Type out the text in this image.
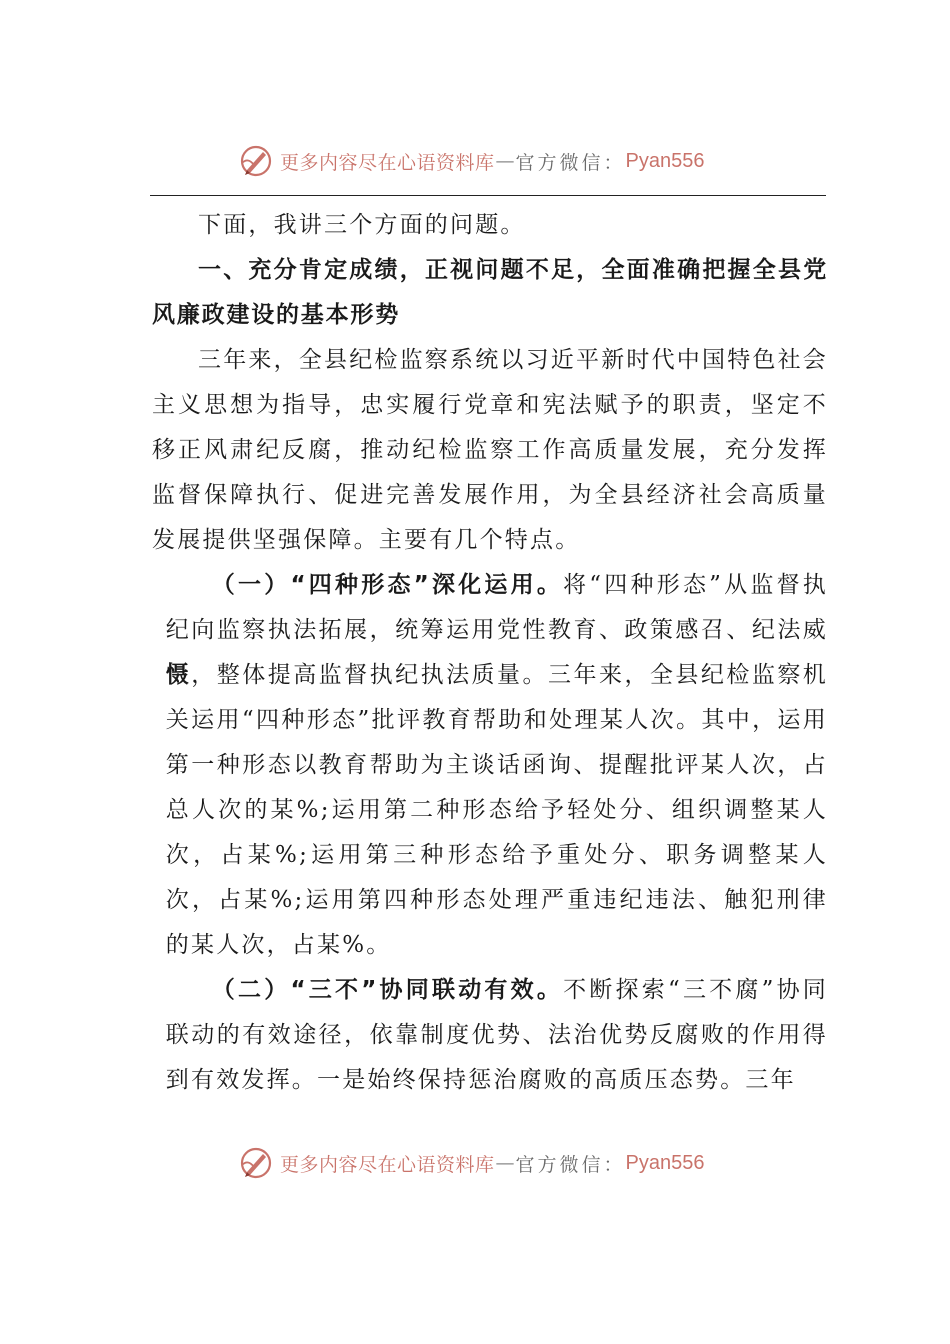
更多内容尽在心语资料库 — 官方微信： Pyan556

下面，我讲三个方面的问题。

一、充分肯定成绩，正视问题不足，全面准确把握全县党风廉政建设的基本形势

三年来，全县纪检监察系统以习近平新时代中国特色社会主义思想为指导，忠实履行党章和宪法赋予的职责，坚定不移正风肃纪反腐，推动纪检监察工作高质量发展，充分发挥监督保障执行、促进完善发展作用，为全县经济社会高质量发展提供坚强保障。主要有几个特点。

（一）“四种形态”深化运用。将“四种形态”从监督执纪向监察执法拓展，统筹运用党性教育、政策感召、纪法威慑，整体提高监督执纪执法质量。三年来，全县纪检监察机关运用“四种形态”批评教育帮助和处理某人次。其中，运用第一种形态以教育帮助为主谈话函询、提醒批评某人次，占总人次的某%;运用第二种形态给予轻处分、组织调整某人次，占某%;运用第三种形态给予重处分、职务调整某人次，占某%;运用第四种形态处理严重违纪违法、触犯刑律的某人次，占某%。

（二）“三不”协同联动有效。不断探索“三不腐”协同联动的有效途径，依靠制度优势、法治优势反腐败的作用得到有效发挥。一是始终保持惩治腐败的高质压态势。三年

更多内容尽在心语资料库 — 官方微信： Pyan556
